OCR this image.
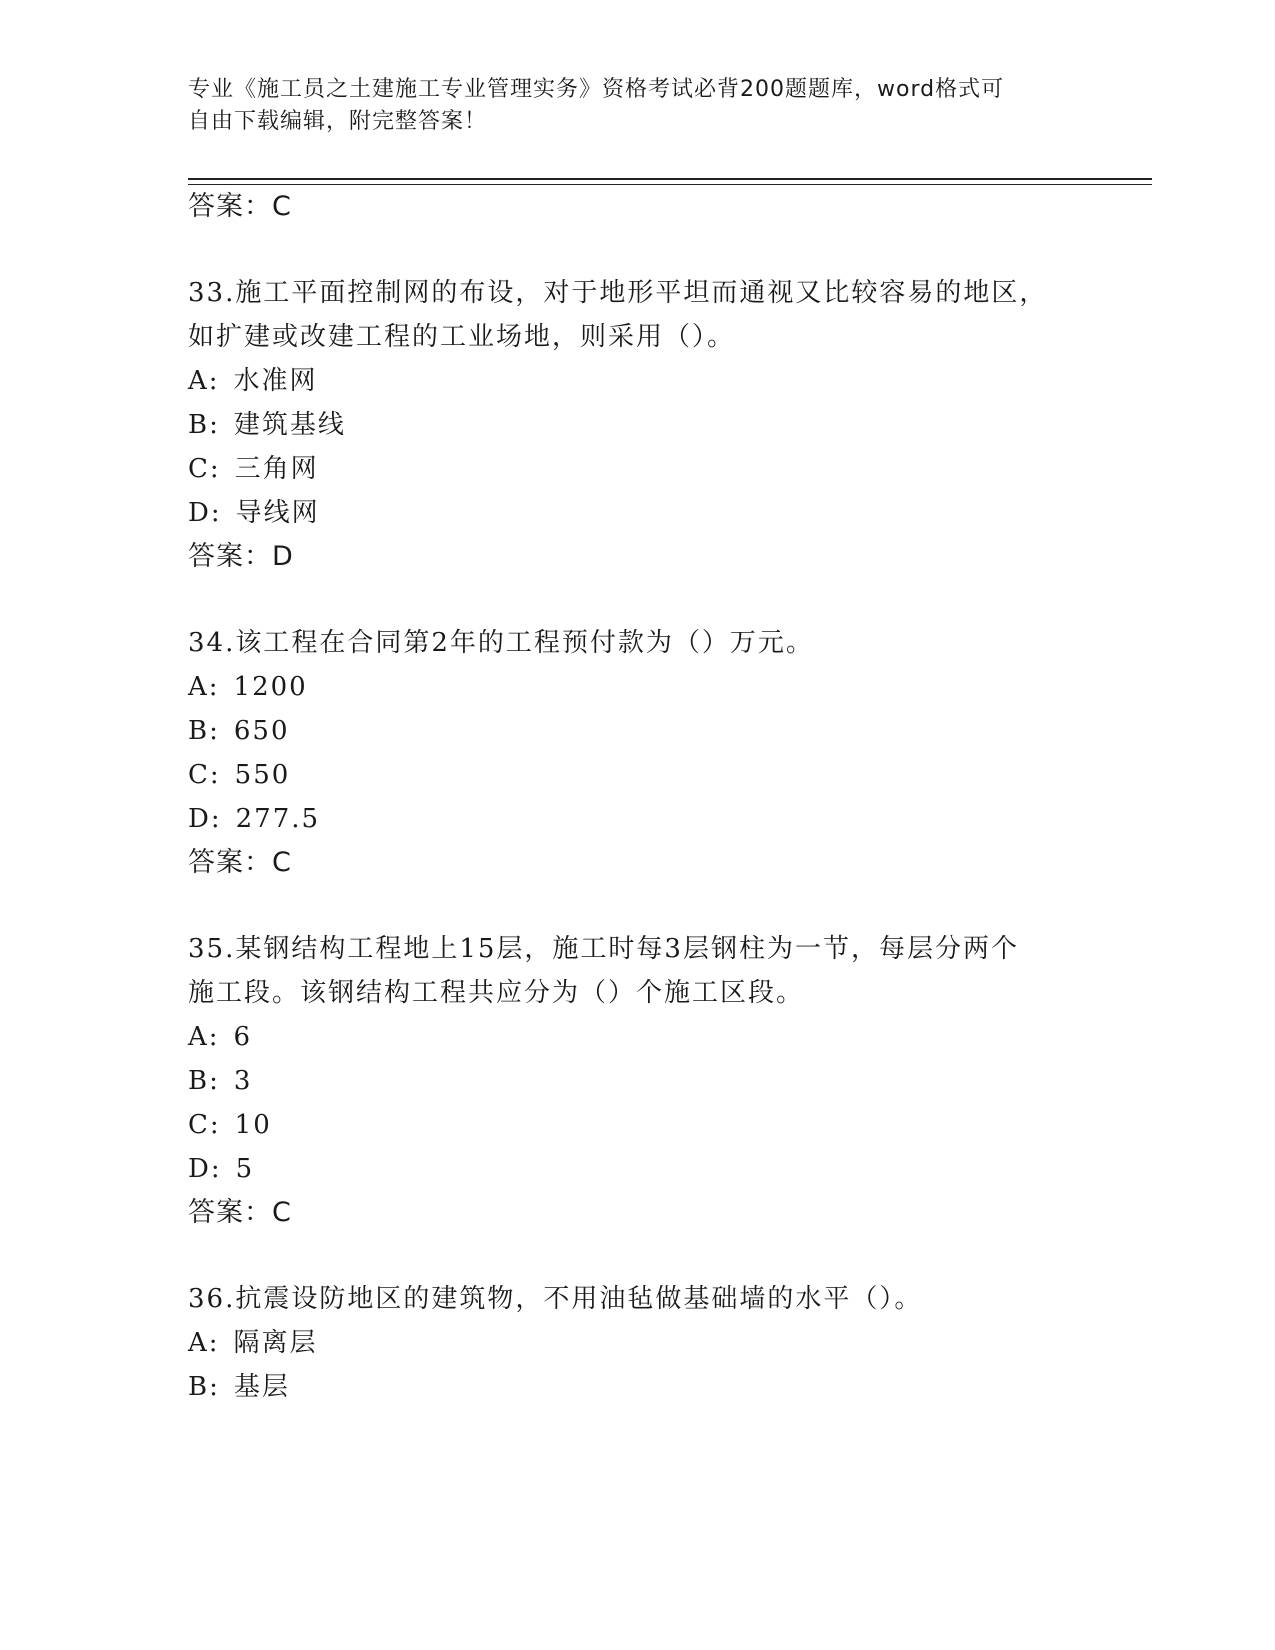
专业《施工员之土建施工专业管理实务》资格考试必背200题题库，word格式可
自由下载编辑，附完整答案！
答案：C
33.施工平面控制网的布设，对于地形平坦而通视又比较容易的地区，
如扩建或改建工程的工业场地，则采用（）。
A: 水准网
B: 建筑基线
C: 三角网
D: 导线网
答案：D
34.该工程在合同第2年的工程预付款为（）万元。
A: 1200
B: 650
C: 550
D: 277.5
答案：C
35.某钢结构工程地上15层，施工时每3层钢柱为一节，每层分两个
施工段。该钢结构工程共应分为（）个施工区段。
A: 6
B: 3
C: 10
D: 5
答案：C
36.抗震设防地区的建筑物，不用油毡做基础墙的水平（）。
A: 隔离层
B: 基层
